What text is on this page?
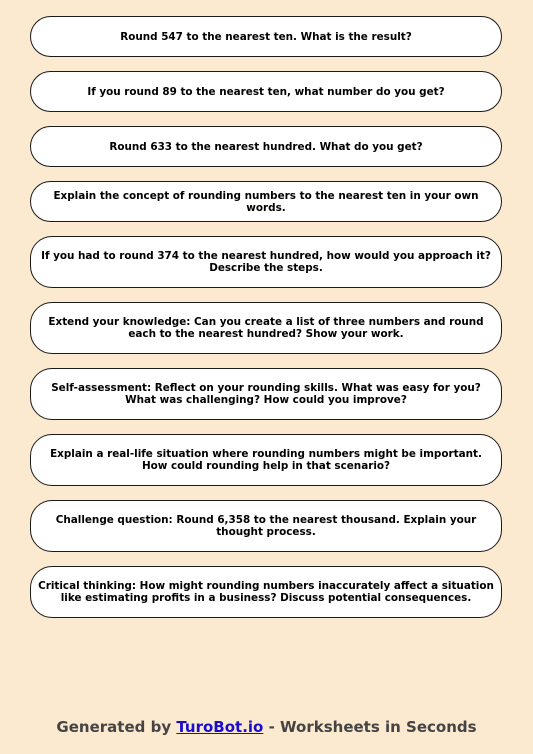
Round 547 to the nearest ten. What is the result?
If you round 89 to the nearest ten, what number do you get?
Round 633 to the nearest hundred. What do you get?
Explain the concept of rounding numbers to the nearest ten in your own words.
If you had to round 374 to the nearest hundred, how would you approach it? Describe the steps.
Extend your knowledge: Can you create a list of three numbers and round each to the nearest hundred? Show your work.
Self-assessment: Reflect on your rounding skills. What was easy for you? What was challenging? How could you improve?
Explain a real-life situation where rounding numbers might be important. How could rounding help in that scenario?
Challenge question: Round 6,358 to the nearest thousand. Explain your thought process.
Critical thinking: How might rounding numbers inaccurately affect a situation like estimating profits in a business? Discuss potential consequences.
Generated by TuroBot.io - Worksheets in Seconds
